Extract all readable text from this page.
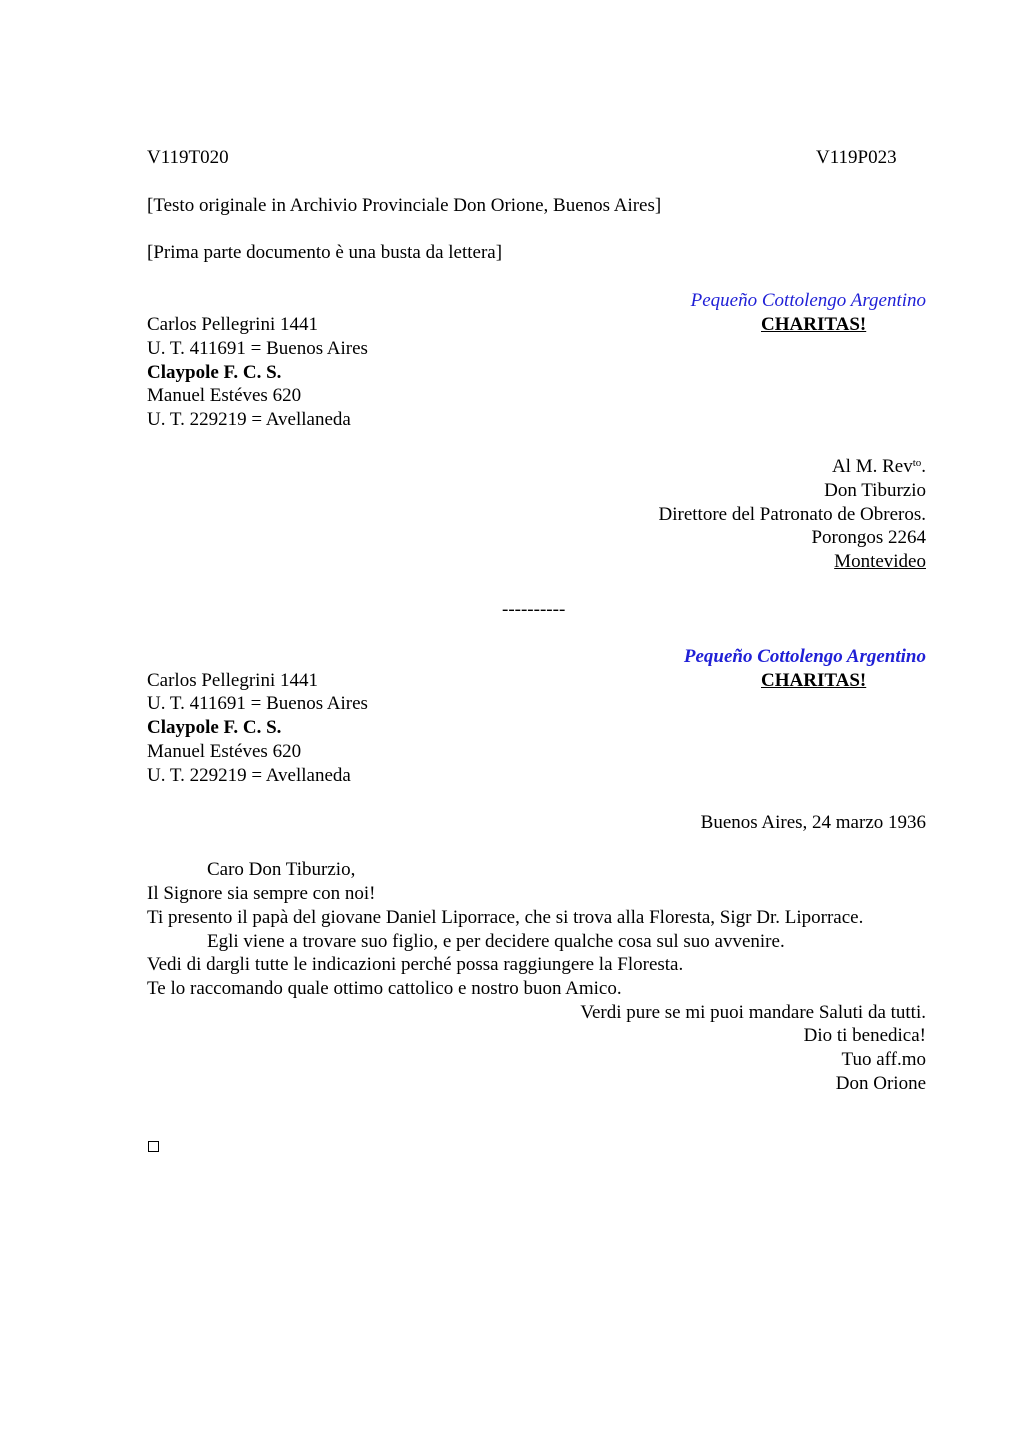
V119T020	V119P023
[Testo originale in Archivio Provinciale Don Orione, Buenos Aires]
[Prima parte documento è una busta da lettera]
Pequeño Cottolengo Argentino
CHARITAS!
Carlos Pellegrini 1441
U. T. 411691 = Buenos Aires
Claypole F. C. S.
Manuel Estéves 620
U. T. 229219 = Avellaneda
Al M. Rev$^{to}$.
Don Tiburzio
Direttore del Patronato de Obreros.
Porongos 2264
Montevideo
----------
Pequeño Cottolengo Argentino
CHARITAS!
Carlos Pellegrini 1441
U. T. 411691 = Buenos Aires
Claypole F. C. S.
Manuel Estéves 620
U. T. 229219 = Avellaneda
Buenos Aires, 24 marzo 1936
Caro Don Tiburzio,
Il Signore sia sempre con noi!
Ti presento il papà del giovane Daniel Liporrace, che si trova alla Floresta, Sigr Dr. Liporrace.
Egli viene a trovare suo figlio, e per decidere qualche cosa sul suo avvenire.
Vedi di dargli tutte le indicazioni perché possa raggiungere la Floresta.
Te lo raccomando quale ottimo cattolico e nostro buon Amico.
Verdi pure se mi puoi mandare Saluti da tutti.
Dio ti benedica!
Tuo aff.mo
Don Orione
